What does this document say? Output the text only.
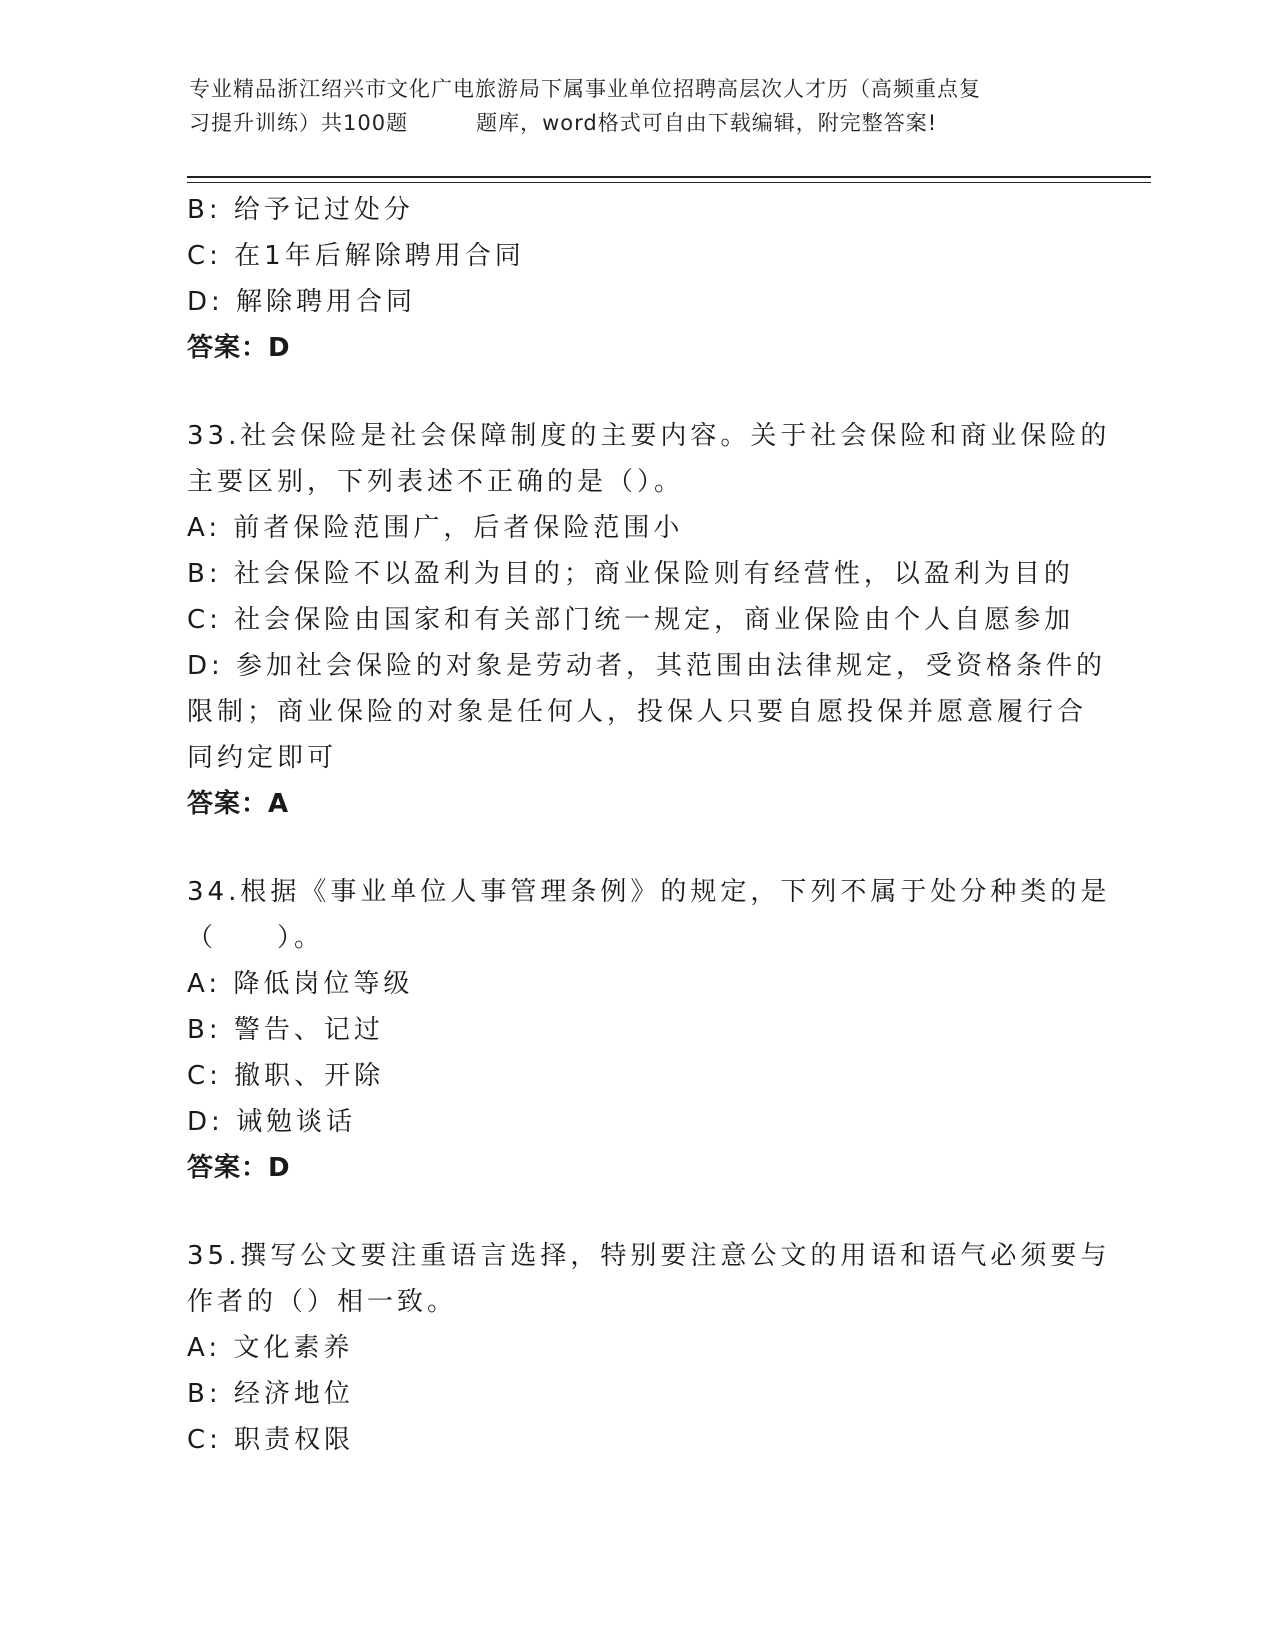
专业精品浙江绍兴市文化广电旅游局下属事业单位招聘高层次人才历（高频重点复
习提升训练）共100题	题库，word格式可自由下载编辑，附完整答案!
B: 给予记过处分
C: 在1年后解除聘用合同
D: 解除聘用合同
答案：D
33.社会保险是社会保障制度的主要内容。关于社会保险和商业保险的
主要区别，下列表述不正确的是（）。
A: 前者保险范围广，后者保险范围小
B: 社会保险不以盈利为目的；商业保险则有经营性，以盈利为目的
C: 社会保险由国家和有关部门统一规定，商业保险由个人自愿参加
D: 参加社会保险的对象是劳动者，其范围由法律规定，受资格条件的
限制；商业保险的对象是任何人，投保人只要自愿投保并愿意履行合
同约定即可
答案：A
34.根据《事业单位人事管理条例》的规定，下列不属于处分种类的是
（　　）。
A: 降低岗位等级
B: 警告、记过
C: 撤职、开除
D: 诫勉谈话
答案：D
35.撰写公文要注重语言选择，特别要注意公文的用语和语气必须要与
作者的（）相一致。
A: 文化素养
B: 经济地位
C: 职责权限
